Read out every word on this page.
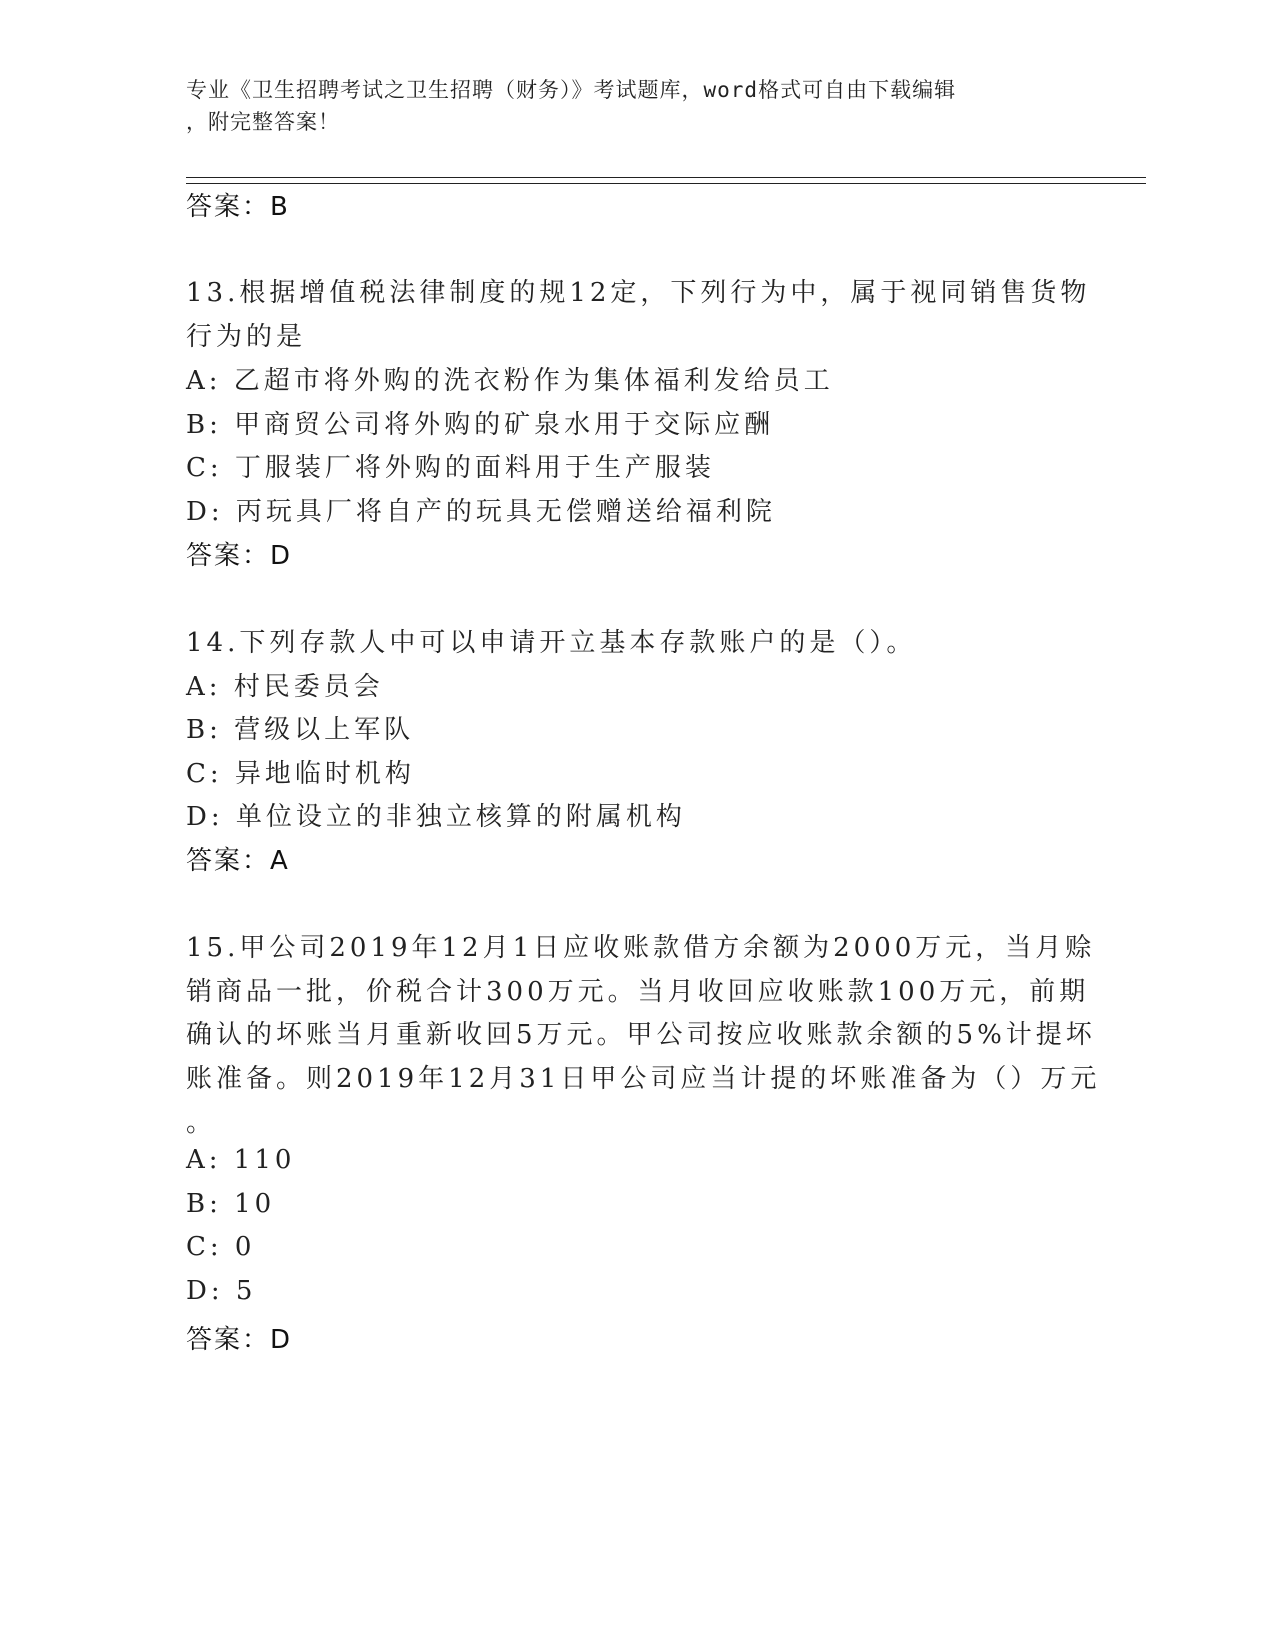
专业《卫生招聘考试之卫生招聘（财务）》考试题库，word格式可自由下载编辑
，附完整答案！

答案：B

13.根据增值税法律制度的规12定，下列行为中，属于视同销售货物

行为的是

A: 乙超市将外购的洗衣粉作为集体福利发给员工

B: 甲商贸公司将外购的矿泉水用于交际应酬

C: 丁服装厂将外购的面料用于生产服装

D: 丙玩具厂将自产的玩具无偿赠送给福利院

答案：D

14.下列存款人中可以申请开立基本存款账户的是（）。

A: 村民委员会

B: 营级以上军队

C: 异地临时机构

D: 单位设立的非独立核算的附属机构

答案：A

15.甲公司2019年12月1日应收账款借方余额为2000万元，当月赊

销商品一批，价税合计300万元。当月收回应收账款100万元，前期

确认的坏账当月重新收回5万元。甲公司按应收账款余额的5%计提坏

账准备。则2019年12月31日甲公司应当计提的坏账准备为（）万元

。

A: 110

B: 10

C: 0

D: 5

答案：D
